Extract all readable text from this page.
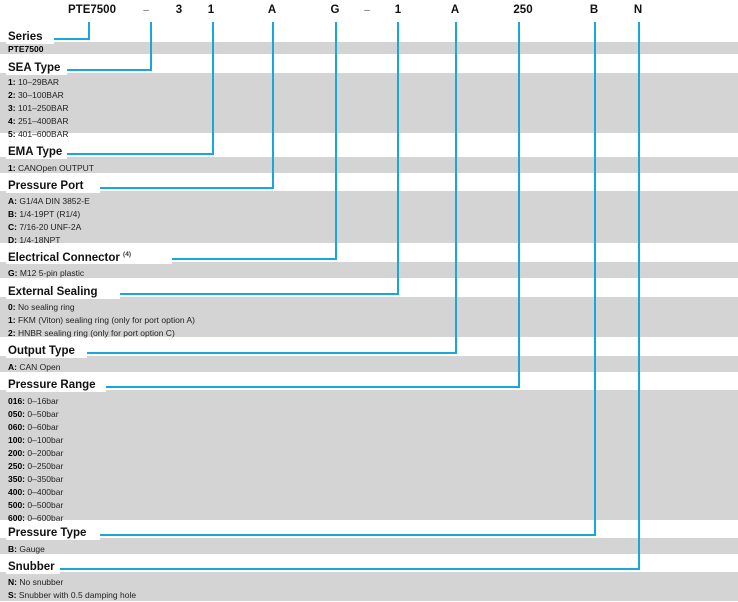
PTE7500	–	3	1	A	G	–	1	A	250	B	N
Series
PTE7500
SEA Type
1: 10–29BAR
2: 30–100BAR
3: 101–250BAR
4: 251–400BAR
5: 401–600BAR
EMA Type
1: CANOpen OUTPUT
Pressure Port
A: G1/4A DIN 3852-E
B: 1/4-19PT (R1/4)
C: 7/16-20 UNF-2A
D: 1/4-18NPT
Electrical Connector $^{(4)}$
G: M12 5-pin plastic
External Sealing
0: No sealing ring
1: FKM (Viton) sealing ring (only for port option A)
2: HNBR sealing ring (only for port option C)
Output Type
A: CAN Open
Pressure Range
016: 0–16bar
050: 0–50bar
060: 0–60bar
100: 0–100bar
200: 0–200bar
250: 0–250bar
350: 0–350bar
400: 0–400bar
500: 0–500bar
600: 0–600bar
Pressure Type
B: Gauge
Snubber
N: No snubber
S: Snubber with 0.5 damping hole
